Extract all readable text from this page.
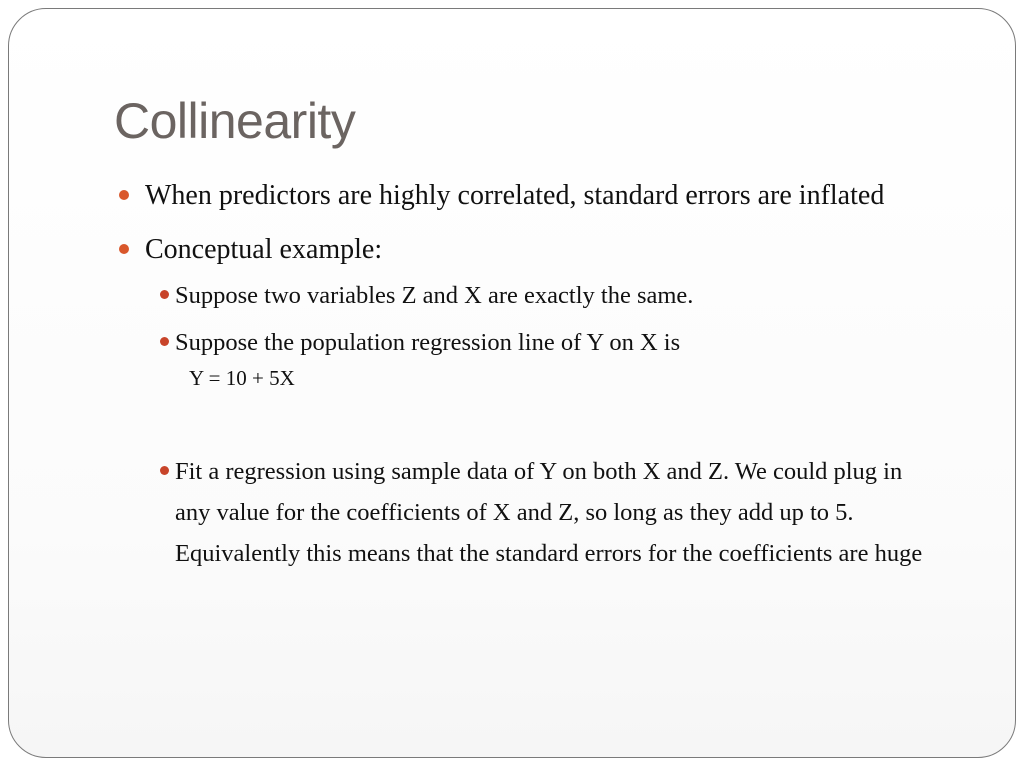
Collinearity
When predictors are highly correlated, standard errors are inflated
Conceptual example:
Suppose two variables Z and X are exactly the same.
Suppose the population regression line of Y on X is
Y = 10 + 5X
Fit a regression using sample data of Y on both X and Z. We could plug in any value for the coefficients of X and Z, so long as they add up to 5. Equivalently this means that the standard errors for the coefficients are huge
